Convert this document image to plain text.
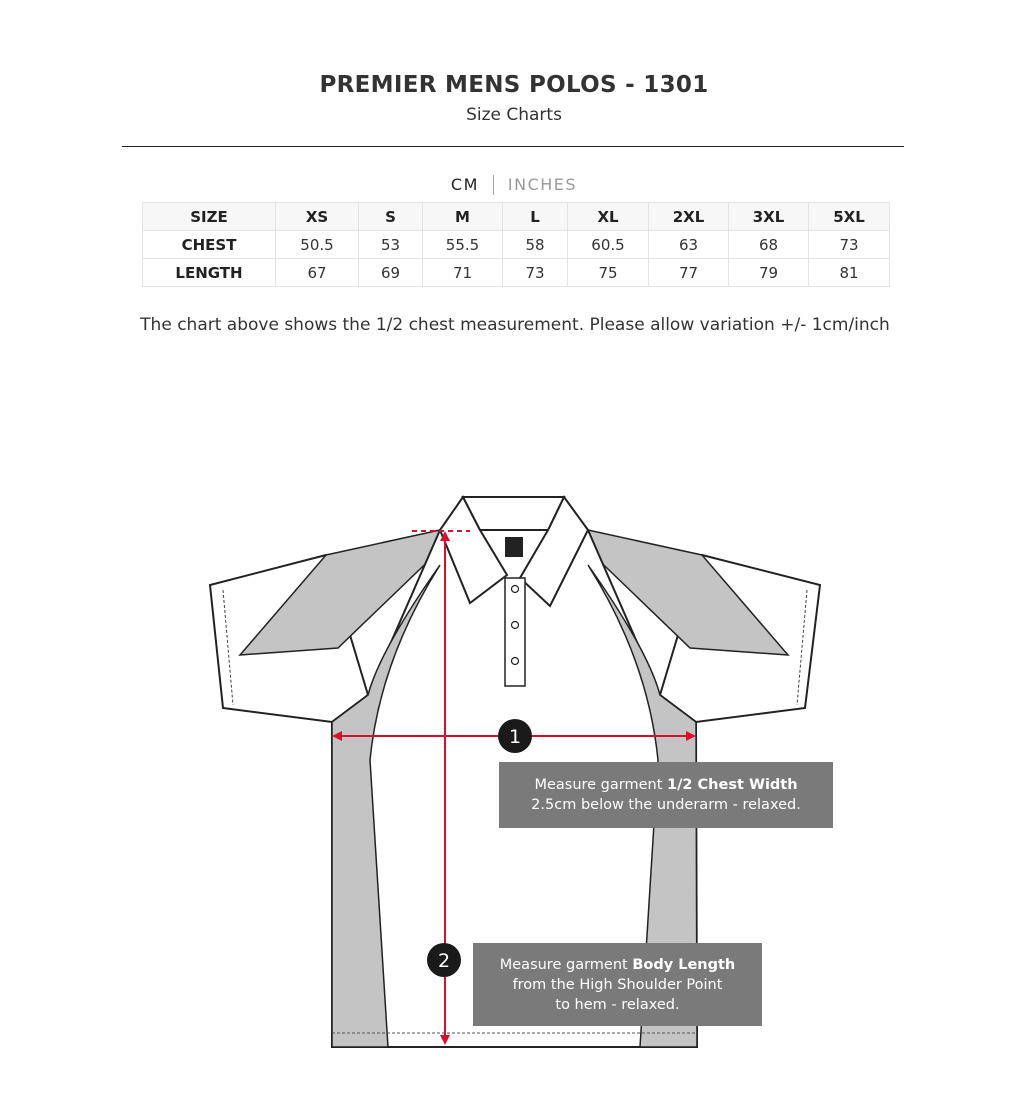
PREMIER MENS POLOS - 1301
Size Charts
CM INCHES
SIZE	XS	S	M	L	XL	2XL	3XL	5XL
CHEST	50.5	53	55.5	58	60.5	63	68	73
LENGTH	67	69	71	73	75	77	79	81
The chart above shows the 1/2 chest measurement. Please allow variation +/- 1cm/inch
1
2
Measure garment 1/2 Chest Width
2.5cm below the underarm - relaxed.
Measure garment Body Length
from the High Shoulder Point
to hem - relaxed.
